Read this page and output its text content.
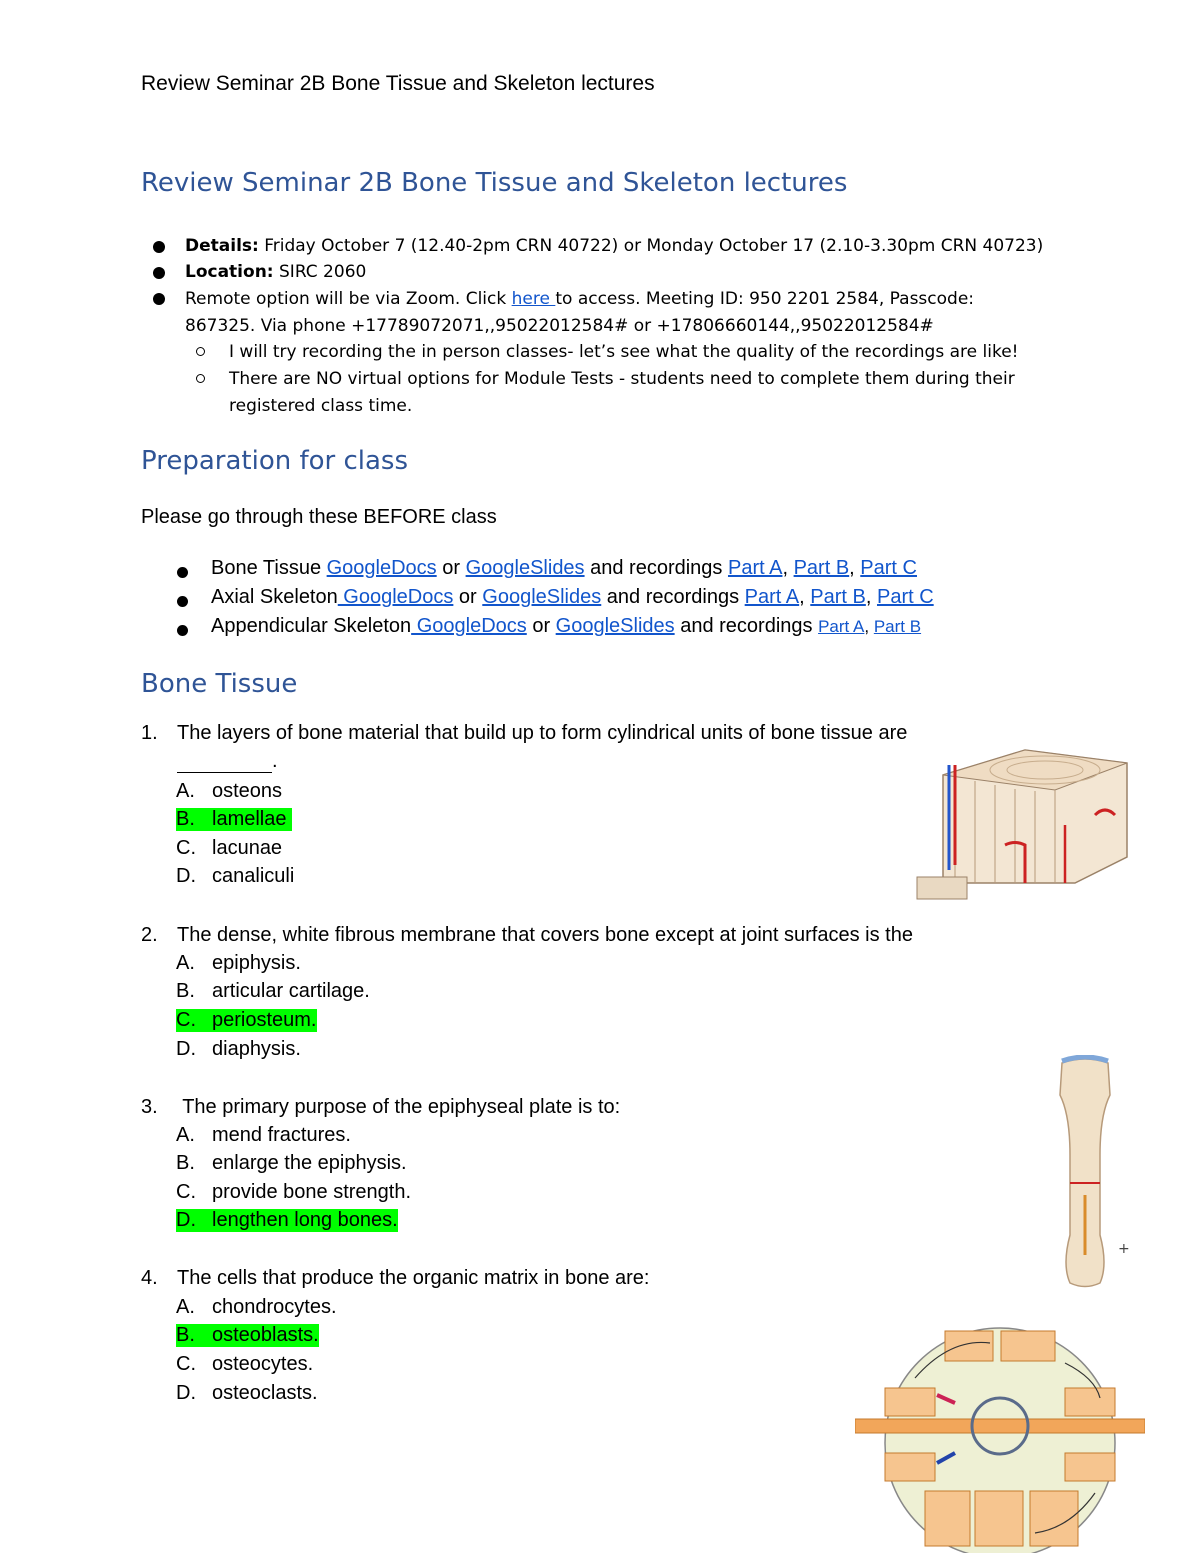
Review Seminar 2B Bone Tissue and Skeleton lectures
Review Seminar 2B Bone Tissue and Skeleton lectures
Details: Friday October 7 (12.40-2pm CRN 40722) or Monday October 17 (2.10-3.30pm CRN 40723)
Location: SIRC 2060
Remote option will be via Zoom. Click here to access. Meeting ID: 950 2201 2584, Passcode:
867325. Via phone +17789072071,,95022012584# or +17806660144,,95022012584#
I will try recording the in person classes- let’s see what the quality of the recordings are like!
There are NO virtual options for Module Tests - students need to complete them during their
registered class time.
Preparation for class
Please go through these BEFORE class
Bone Tissue GoogleDocs or GoogleSlides and recordings Part A, Part B, Part C
Axial Skeleton GoogleDocs or GoogleSlides and recordings Part A, Part B, Part C
Appendicular Skeleton GoogleDocs or GoogleSlides and recordings Part A, Part B
Bone Tissue
1. The layers of bone material that build up to form cylindrical units of bone tissue are
.
A. osteons
B. lamellae
C. lacunae
D. canaliculi
2. The dense, white fibrous membrane that covers bone except at joint surfaces is the
A. epiphysis.
B. articular cartilage.
C. periosteum.
D. diaphysis.
3. The primary purpose of the epiphyseal plate is to:
A. mend fractures.
B. enlarge the epiphysis.
C. provide bone strength.
D. lengthen long bones.
4. The cells that produce the organic matrix in bone are:
A. chondrocytes.
B. osteoblasts.
C. osteocytes.
D. osteoclasts.
+
